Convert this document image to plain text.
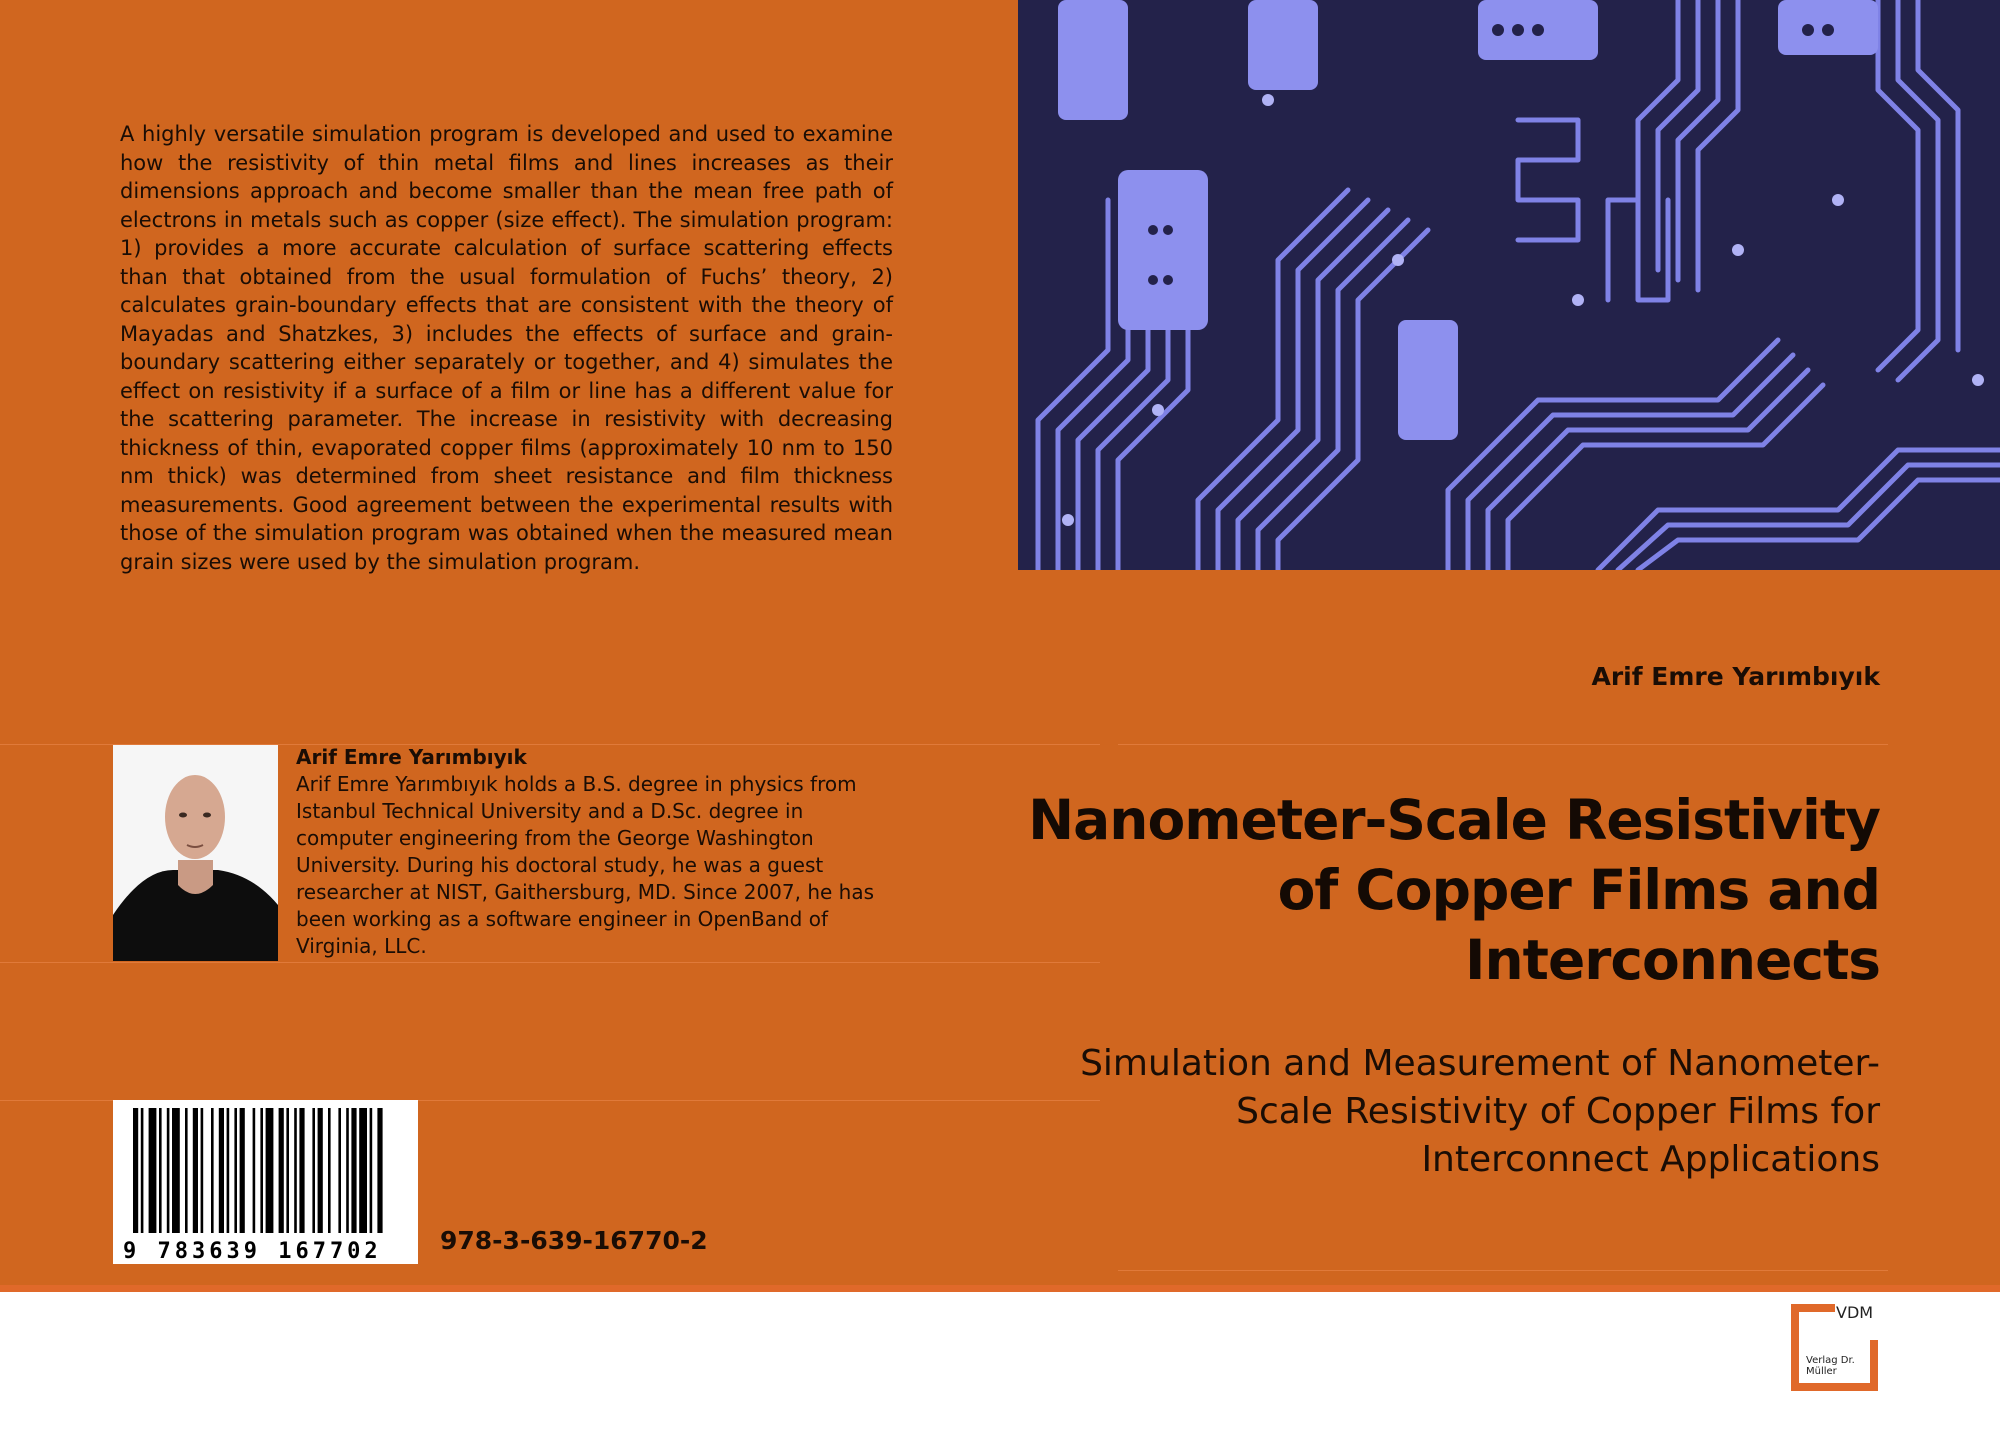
A highly versatile simulation program is developed and used to examine how the resistivity of thin metal films and lines increases as their dimensions approach and become smaller than the mean free path of electrons in metals such as copper (size effect). The simulation program: 1) provides a more accurate calculation of surface scattering effects than that obtained from the usual formulation of Fuchs’ theory, 2) calculates grain-boundary effects that are consistent with the theory of Mayadas and Shatzkes, 3) includes the effects of surface and grain-boundary scattering either separately or together, and 4) simulates the effect on resistivity if a surface of a film or line has a different value for the scattering parameter. The increase in resistivity with decreasing thickness of thin, evaporated copper films (approximately 10 nm to 150 nm thick) was determined from sheet resistance and film thickness measurements. Good agreement between the experimental results with those of the simulation program was obtained when the measured mean grain sizes were used by the simulation program.
Arif Emre Yarımbıyık
Arif Emre Yarımbıyık holds a B.S. degree in physics from Istanbul Technical University and a D.Sc. degree in computer engineering from the George Washington University. During his doctoral study, he was a guest researcher at NIST, Gaithersburg, MD. Since 2007, he has been working as a software engineer in OpenBand of Virginia, LLC.
9 783639 167702 978-3-639-16770-2
Arif Emre Yarımbıyık
Nanometer-Scale Resistivity of Copper Films and Interconnects
Simulation and Measurement of Nanometer-Scale Resistivity of Copper Films for Interconnect Applications
VDM
Verlag Dr. Müller
